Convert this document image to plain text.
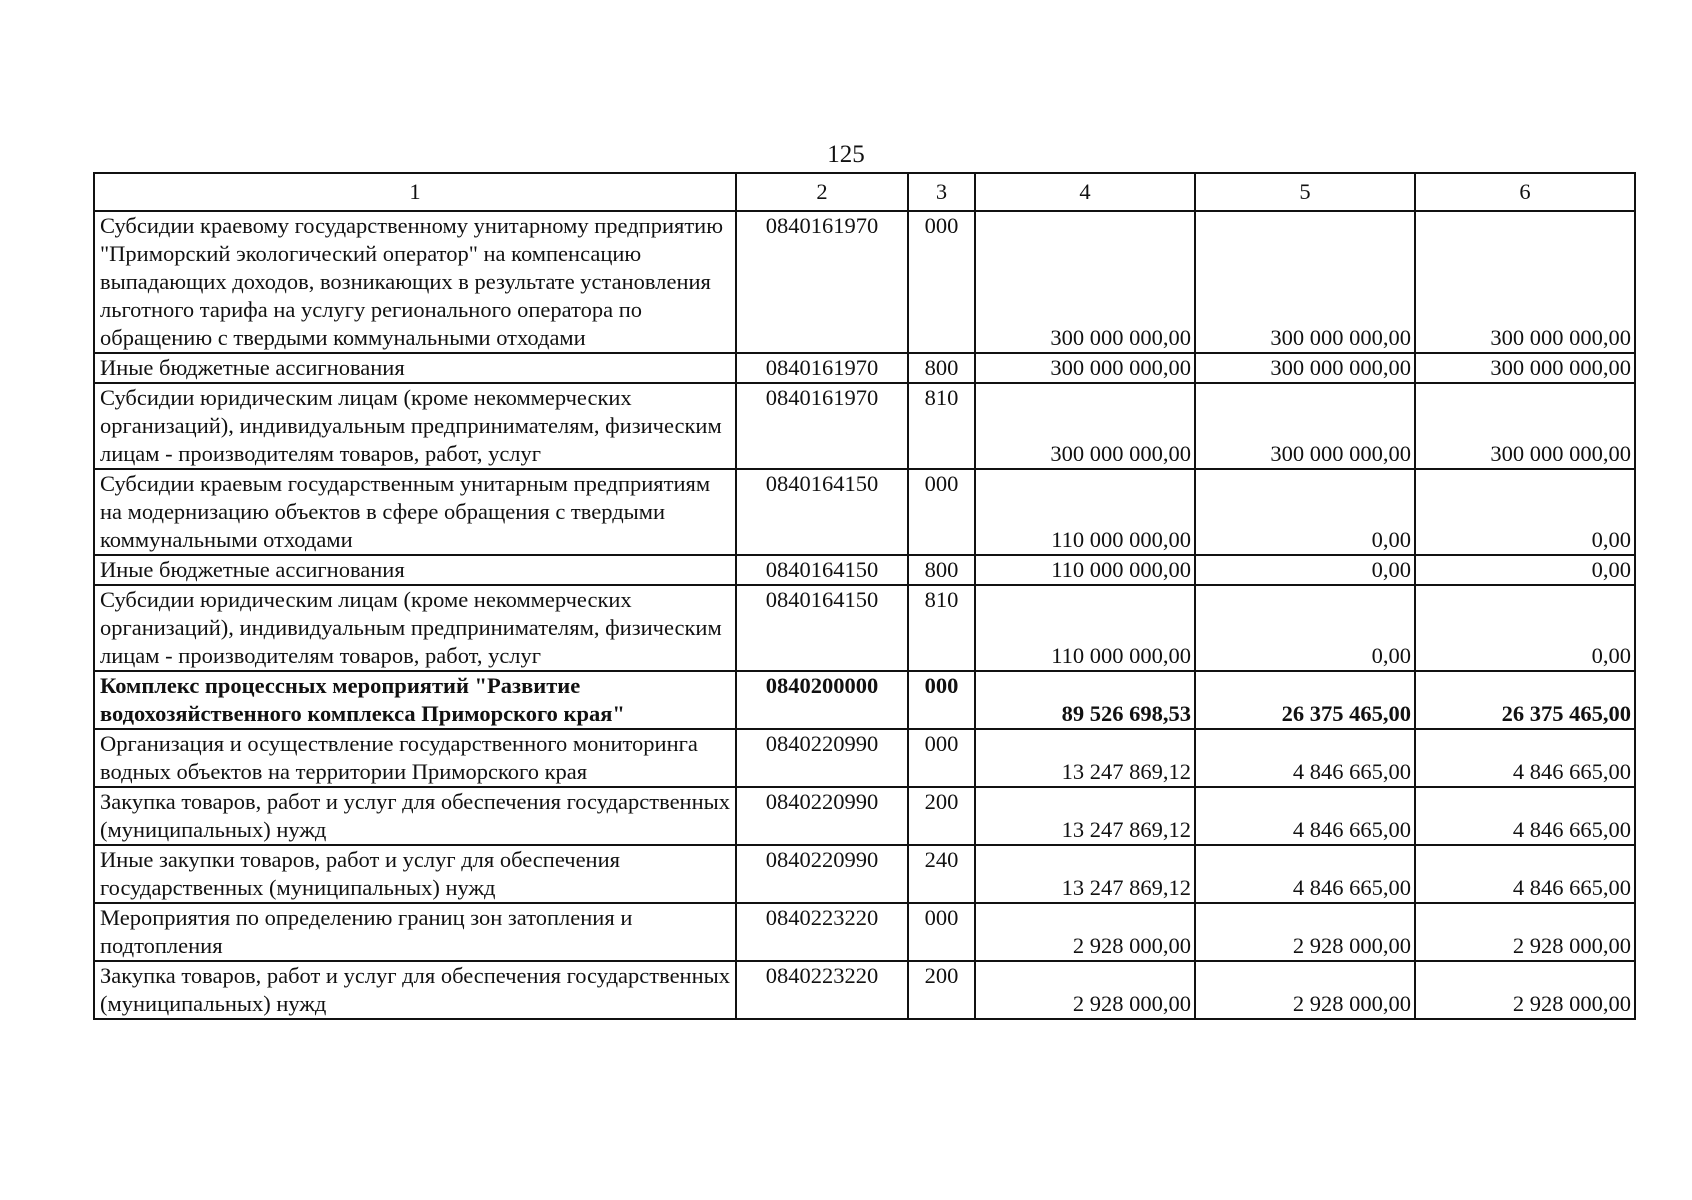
125
1	2	3	4	5	6
Субсидии краевому государственному унитарному предприятию "Приморский экологический оператор" на компенсацию выпадающих доходов, возникающих в результате установления льготного тарифа на услугу регионального оператора по обращению с твердыми коммунальными отходами	0840161970	000	300 000 000,00	300 000 000,00	300 000 000,00
Иные бюджетные ассигнования	0840161970	800	300 000 000,00	300 000 000,00	300 000 000,00
Субсидии юридическим лицам (кроме некоммерческих организаций), индивидуальным предпринимателям, физическим лицам - производителям товаров, работ, услуг	0840161970	810	300 000 000,00	300 000 000,00	300 000 000,00
Субсидии краевым государственным унитарным предприятиям на модернизацию объектов в сфере обращения с твердыми коммунальными отходами	0840164150	000	110 000 000,00	0,00	0,00
Иные бюджетные ассигнования	0840164150	800	110 000 000,00	0,00	0,00
Субсидии юридическим лицам (кроме некоммерческих организаций), индивидуальным предпринимателям, физическим лицам - производителям товаров, работ, услуг	0840164150	810	110 000 000,00	0,00	0,00
Комплекс процессных мероприятий "Развитие водохозяйственного комплекса Приморского края"	0840200000	000	89 526 698,53	26 375 465,00	26 375 465,00
Организация и осуществление государственного мониторинга водных объектов на территории Приморского края	0840220990	000	13 247 869,12	4 846 665,00	4 846 665,00
Закупка товаров, работ и услуг для обеспечения государственных (муниципальных) нужд	0840220990	200	13 247 869,12	4 846 665,00	4 846 665,00
Иные закупки товаров, работ и услуг для обеспечения государственных (муниципальных) нужд	0840220990	240	13 247 869,12	4 846 665,00	4 846 665,00
Мероприятия по определению границ зон затопления и подтопления	0840223220	000	2 928 000,00	2 928 000,00	2 928 000,00
Закупка товаров, работ и услуг для обеспечения государственных (муниципальных) нужд	0840223220	200	2 928 000,00	2 928 000,00	2 928 000,00
